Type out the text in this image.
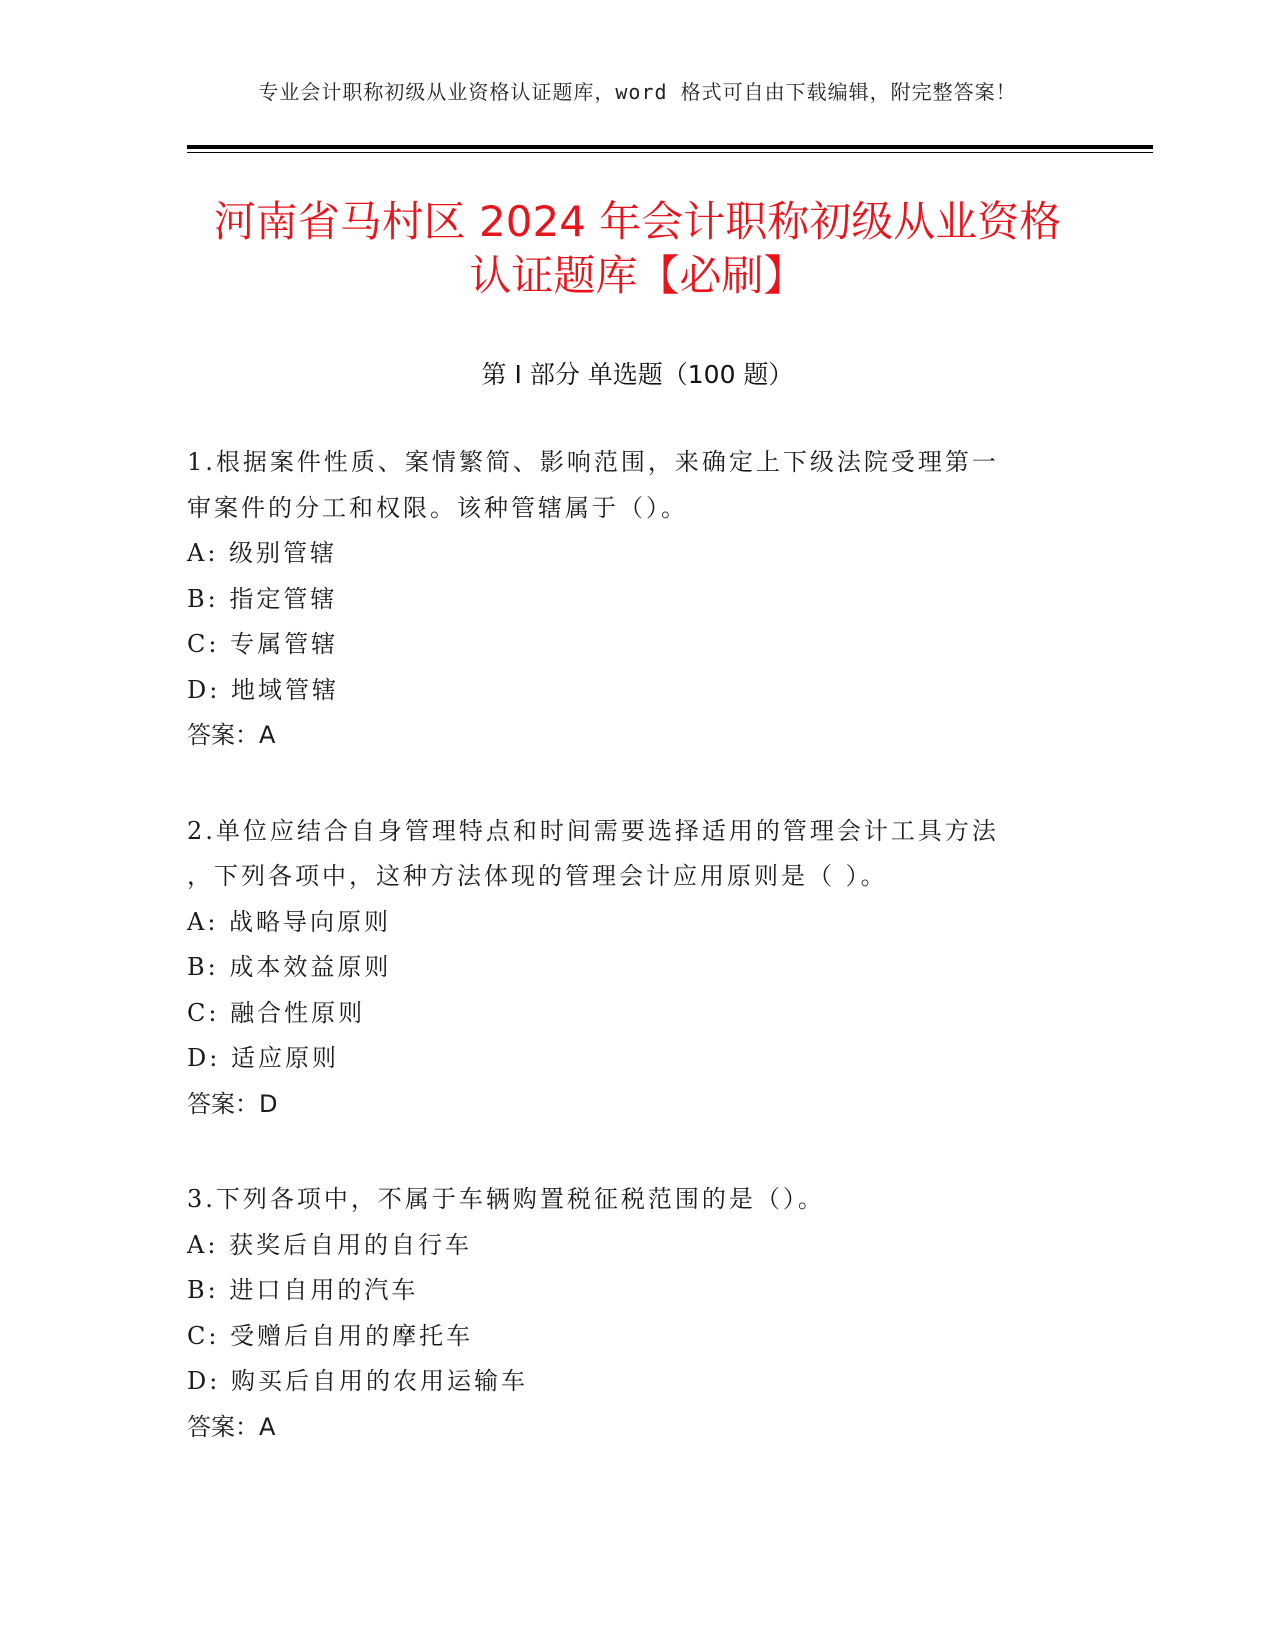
专业会计职称初级从业资格认证题库，word 格式可自由下载编辑，附完整答案！
河南省马村区 2024 年会计职称初级从业资格
认证题库【必刷】
第 I 部分 单选题（100 题）
1.根据案件性质、案情繁简、影响范围，来确定上下级法院受理第一
审案件的分工和权限。该种管辖属于（）。
A: 级别管辖
B: 指定管辖
C: 专属管辖
D: 地域管辖
答案：A
2.单位应结合自身管理特点和时间需要选择适用的管理会计工具方法
，下列各项中，这种方法体现的管理会计应用原则是（ ）。
A: 战略导向原则
B: 成本效益原则
C: 融合性原则
D: 适应原则
答案：D
3.下列各项中，不属于车辆购置税征税范围的是（）。
A: 获奖后自用的自行车
B: 进口自用的汽车
C: 受赠后自用的摩托车
D: 购买后自用的农用运输车
答案：A
